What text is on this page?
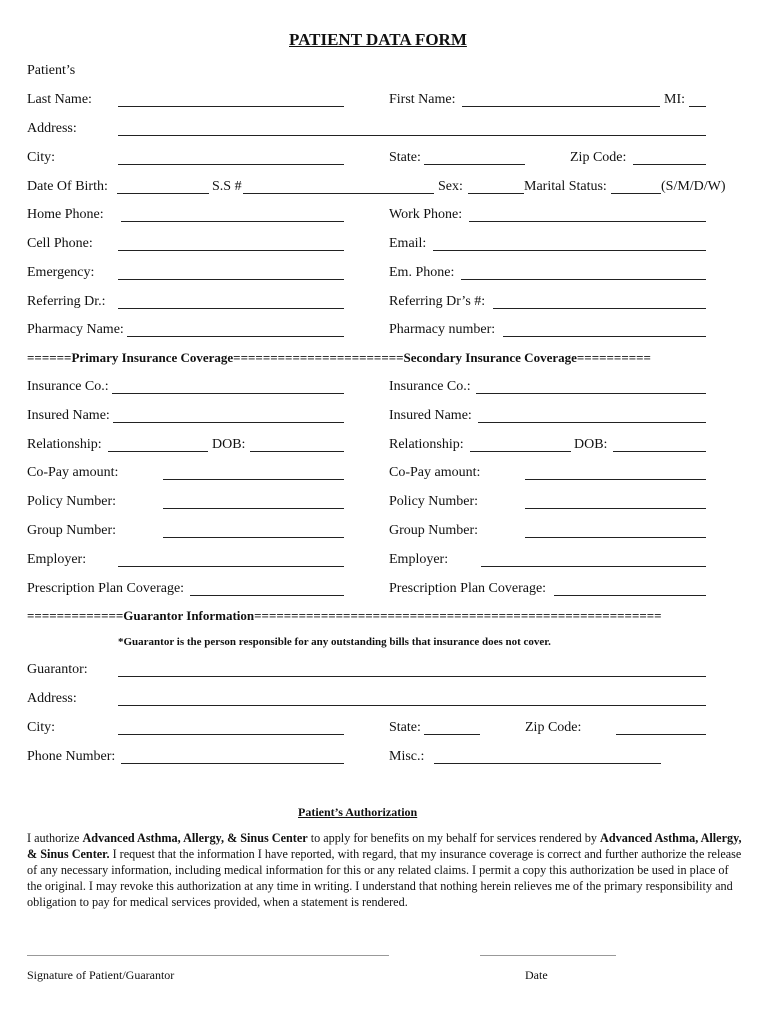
PATIENT DATA FORM
Patient’s
Last Name:	First Name:	MI:
Address:
City:	State:	Zip Code:
Date Of Birth:	S.S #	Sex:	Marital Status:	(S/M/D/W)
Home Phone:	Work Phone:
Cell Phone:	Email:
Emergency:	Em. Phone:
Referring Dr.:	Referring Dr’s #:
Pharmacy Name:	Pharmacy number:
======Primary Insurance Coverage=======================Secondary Insurance Coverage==========
Insurance Co.:	Insurance Co.:
Insured Name:	Insured Name:
Relationship:	DOB:	Relationship:	DOB:
Co-Pay amount:	Co-Pay amount:
Policy Number:	Policy Number:
Group Number:	Group Number:
Employer:	Employer:
Prescription Plan Coverage:	Prescription Plan Coverage:
=============Guarantor Information=======================================================
*Guarantor is the person responsible for any outstanding bills that insurance does not cover.
Guarantor:
Address:
City:	State:	Zip Code:
Phone Number:	Misc.:
Patient’s Authorization
I authorize Advanced Asthma, Allergy, & Sinus Center to apply for benefits on my behalf for services rendered by Advanced Asthma, Allergy, & Sinus Center. I request that the information I have reported, with regard, that my insurance coverage is correct and further authorize the release of any necessary information, including medical information for this or any related claims. I permit a copy this authorization be used in place of the original. I may revoke this authorization at any time in writing. I understand that nothing herein relieves me of the primary responsibility and obligation to pay for medical services provided, when a statement is rendered.
Signature of Patient/Guarantor	Date
